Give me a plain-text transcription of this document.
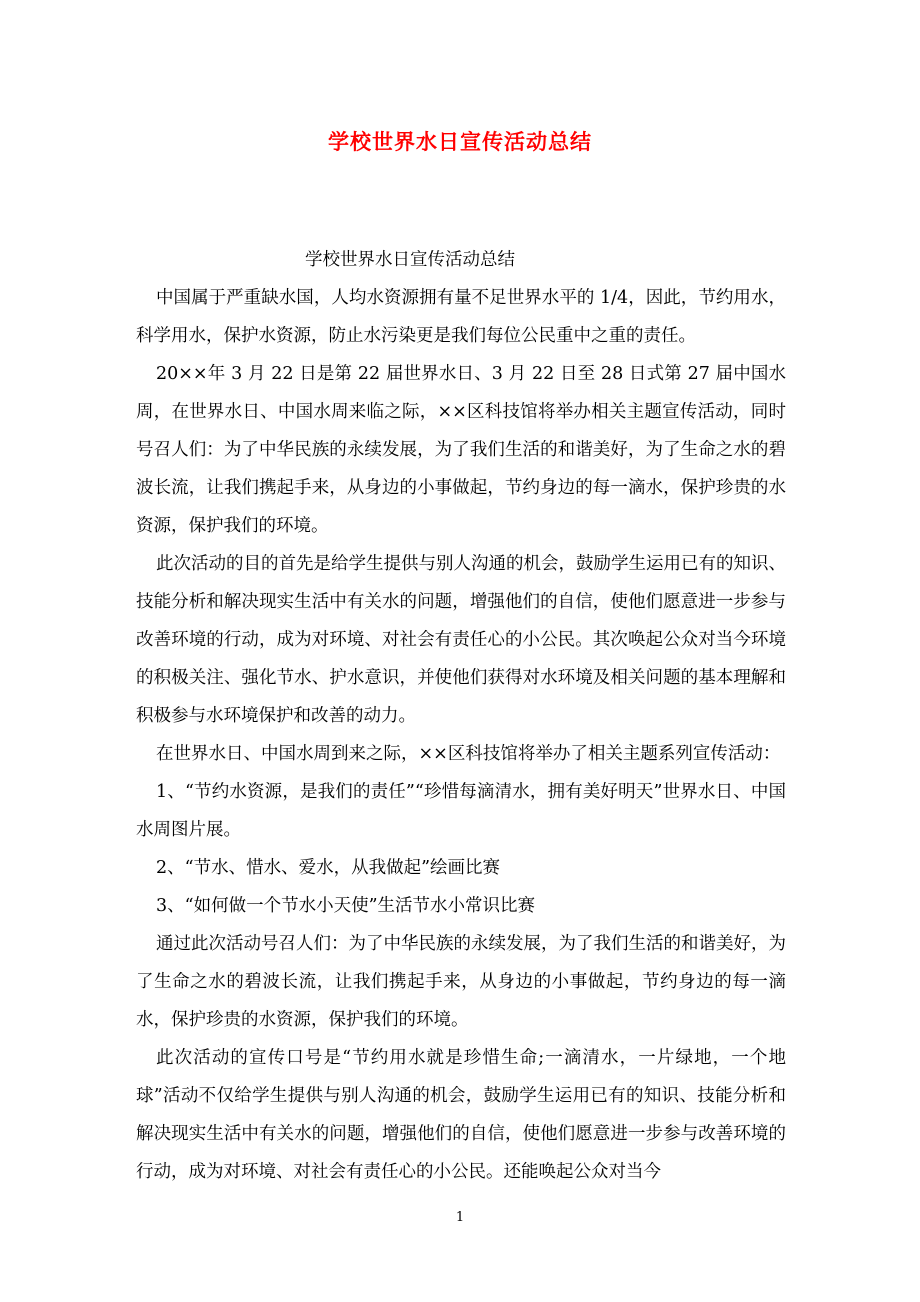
学校世界水日宣传活动总结

学校世界水日宣传活动总结

中国属于严重缺水国，人均水资源拥有量不足世界水平的 1/4，因此，节约用水，科学用水，保护水资源，防止水污染更是我们每位公民重中之重的责任。

20××年 3 月 22 日是第 22 届世界水日、3 月 22 日至 28 日式第 27 届中国水周，在世界水日、中国水周来临之际，××区科技馆将举办相关主题宣传活动，同时号召人们：为了中华民族的永续发展，为了我们生活的和谐美好，为了生命之水的碧波长流，让我们携起手来，从身边的小事做起，节约身边的每一滴水，保护珍贵的水资源，保护我们的环境。

此次活动的目的首先是给学生提供与别人沟通的机会，鼓励学生运用已有的知识、技能分析和解决现实生活中有关水的问题，增强他们的自信，使他们愿意进一步参与改善环境的行动，成为对环境、对社会有责任心的小公民。其次唤起公众对当今环境的积极关注、强化节水、护水意识，并使他们获得对水环境及相关问题的基本理解和积极参与水环境保护和改善的动力。

在世界水日、中国水周到来之际，××区科技馆将举办了相关主题系列宣传活动：

1、“节约水资源，是我们的责任”“珍惜每滴清水，拥有美好明天”世界水日、中国水周图片展。

2、“节水、惜水、爱水，从我做起”绘画比赛

3、“如何做一个节水小天使”生活节水小常识比赛

通过此次活动号召人们：为了中华民族的永续发展，为了我们生活的和谐美好，为了生命之水的碧波长流，让我们携起手来，从身边的小事做起，节约身边的每一滴水，保护珍贵的水资源，保护我们的环境。

此次活动的宣传口号是“节约用水就是珍惜生命;一滴清水，一片绿地，一个地球”活动不仅给学生提供与别人沟通的机会，鼓励学生运用已有的知识、技能分析和解决现实生活中有关水的问题，增强他们的自信，使他们愿意进一步参与改善环境的行动，成为对环境、对社会有责任心的小公民。还能唤起公众对当今

1
